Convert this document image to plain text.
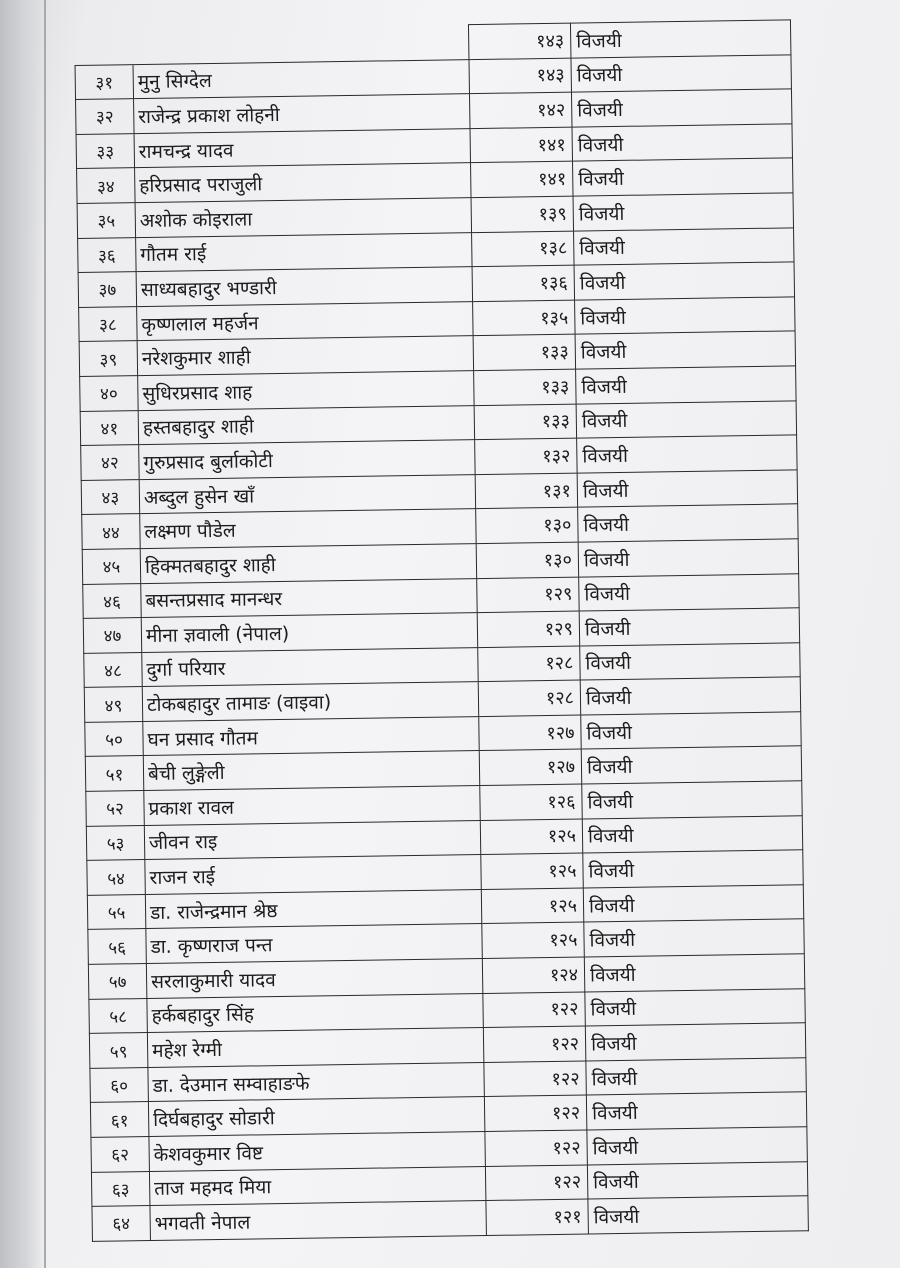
		१४३	विजयी
३१	मुनु सिग्देल	१४३	विजयी
३२	राजेन्द्र प्रकाश लोहनी	१४२	विजयी
३३	रामचन्द्र यादव	१४१	विजयी
३४	हरिप्रसाद पराजुली	१४१	विजयी
३५	अशोक कोइराला	१३९	विजयी
३६	गौतम राई	१३८	विजयी
३७	साध्यबहादुर भण्डारी	१३६	विजयी
३८	कृष्णलाल महर्जन	१३५	विजयी
३९	नरेशकुमार शाही	१३३	विजयी
४०	सुधिरप्रसाद शाह	१३३	विजयी
४१	हस्तबहादुर शाही	१३३	विजयी
४२	गुरुप्रसाद बुर्लाकोटी	१३२	विजयी
४३	अब्दुल हुसेन खाँ	१३१	विजयी
४४	लक्ष्मण पौडेल	१३०	विजयी
४५	हिक्मतबहादुर शाही	१३०	विजयी
४६	बसन्तप्रसाद मानन्धर	१२९	विजयी
४७	मीना ज्ञवाली (नेपाल)	१२९	विजयी
४८	दुर्गा परियार	१२८	विजयी
४९	टोकबहादुर तामाङ (वाइवा)	१२८	विजयी
५०	घन प्रसाद गौतम	१२७	विजयी
५१	बेची लुङ्गेली	१२७	विजयी
५२	प्रकाश रावल	१२६	विजयी
५३	जीवन राइ	१२५	विजयी
५४	राजन राई	१२५	विजयी
५५	डा. राजेन्द्रमान श्रेष्ठ	१२५	विजयी
५६	डा. कृष्णराज पन्त	१२५	विजयी
५७	सरलाकुमारी यादव	१२४	विजयी
५८	हर्कबहादुर सिंह	१२२	विजयी
५९	महेश रेग्मी	१२२	विजयी
६०	डा. देउमान सम्वाहाङफे	१२२	विजयी
६१	दिर्घबहादुर सोडारी	१२२	विजयी
६२	केशवकुमार विष्ट	१२२	विजयी
६३	ताज महमद मिया	१२२	विजयी
६४	भगवती नेपाल	१२१	विजयी
